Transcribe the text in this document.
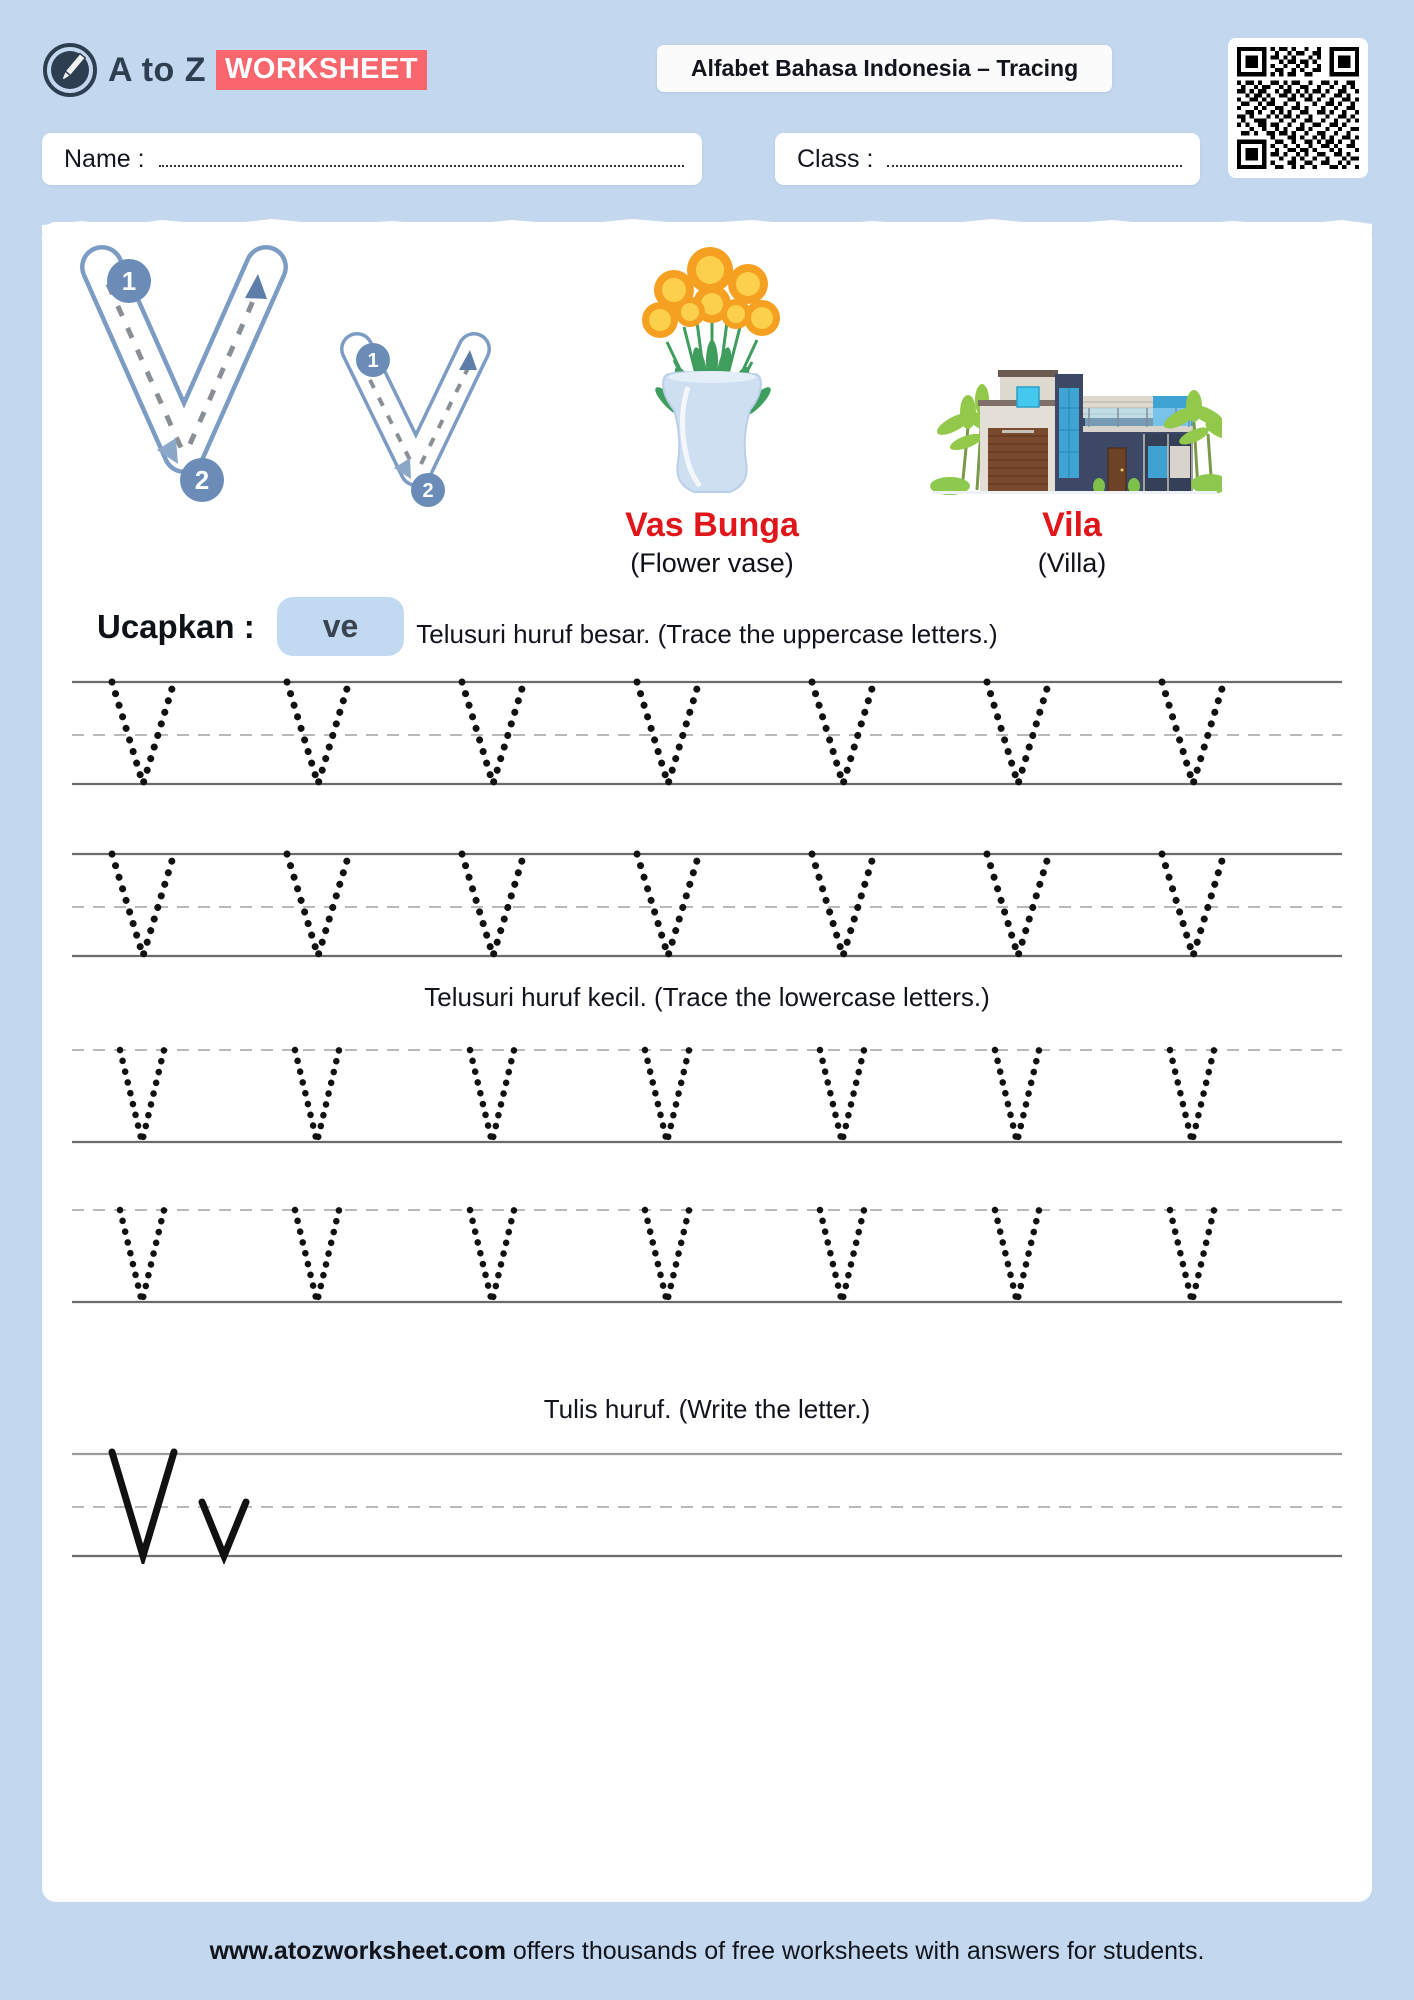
A to Z WORKSHEET	Alfabet Bahasa Indonesia – Tracing
Name :	Class :
1
2
1
2
Ucapkan :	ve
Vas Bunga
(Flower vase)
Vila
(Villa)
Telusuri huruf besar. (Trace the uppercase letters.)
Telusuri huruf kecil. (Trace the lowercase letters.)
Tulis huruf. (Write the letter.)
www.atozworksheet.com offers thousands of free worksheets with answers for students.
